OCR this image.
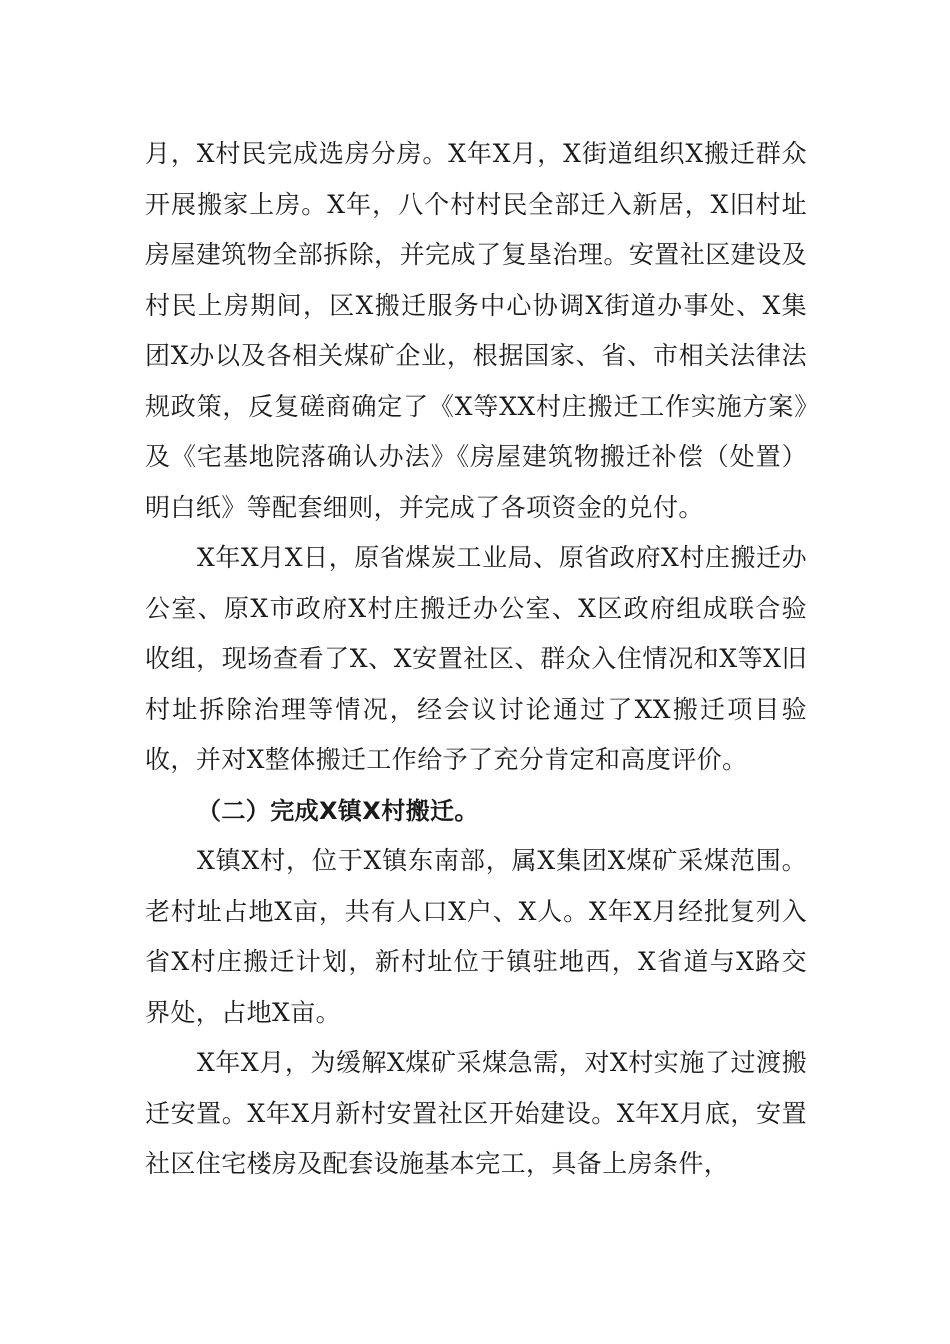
月，X村民完成选房分房。X年X月，X街道组织X搬迁群众开展搬家上房。X年，八个村村民全部迁入新居，X旧村址房屋建筑物全部拆除，并完成了复垦治理。安置社区建设及村民上房期间，区X搬迁服务中心协调X街道办事处、X集团X办以及各相关煤矿企业，根据国家、省、市相关法律法规政策，反复磋商确定了《X等XX村庄搬迁工作实施方案》及《宅基地院落确认办法》《房屋建筑物搬迁补偿（处置）明白纸》等配套细则，并完成了各项资金的兑付。

X年X月X日，原省煤炭工业局、原省政府X村庄搬迁办公室、原X市政府X村庄搬迁办公室、X区政府组成联合验收组，现场查看了X、X安置社区、群众入住情况和X等X旧村址拆除治理等情况，经会议讨论通过了XX搬迁项目验收，并对X整体搬迁工作给予了充分肯定和高度评价。

（二）完成X镇X村搬迁。

X镇X村，位于X镇东南部，属X集团X煤矿采煤范围。老村址占地X亩，共有人口X户、X人。X年X月经批复列入省X村庄搬迁计划，新村址位于镇驻地西，X省道与X路交界处，占地X亩。

X年X月，为缓解X煤矿采煤急需，对X村实施了过渡搬迁安置。X年X月新村安置社区开始建设。X年X月底，安置社区住宅楼房及配套设施基本完工，具备上房条件，
